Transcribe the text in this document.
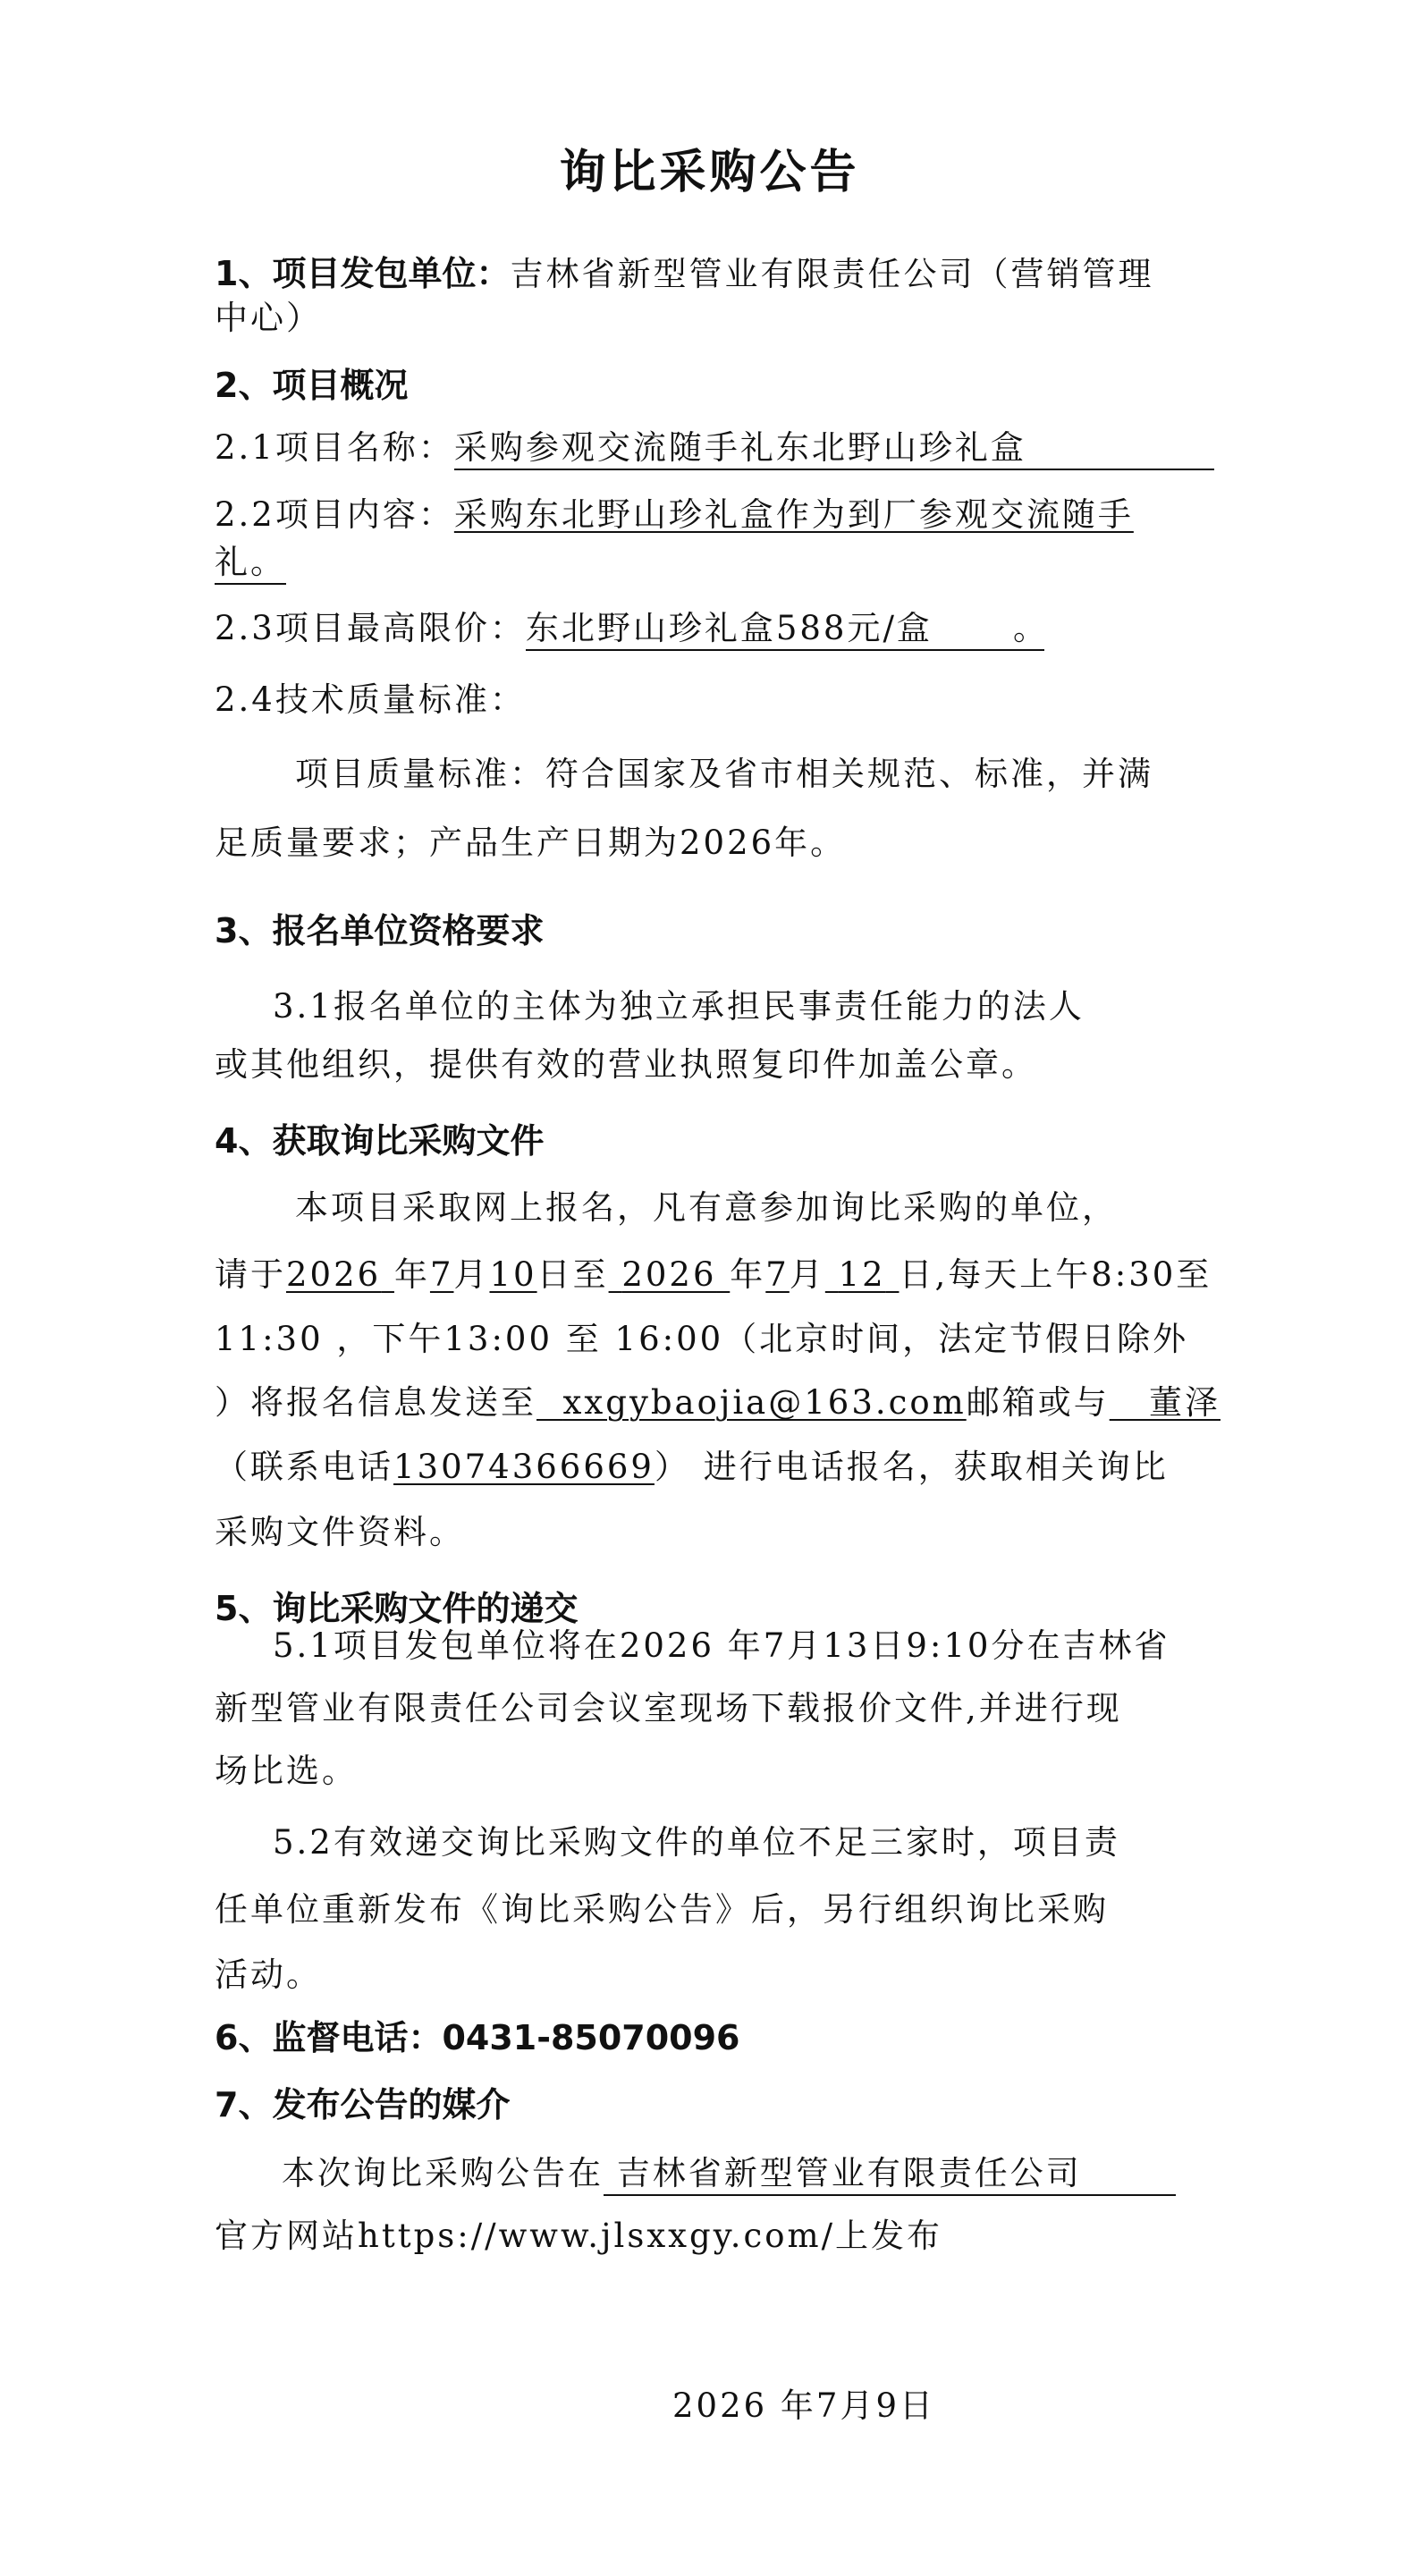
询比采购公告
1、项目发包单位：吉林省新型管业有限责任公司（营销管理
中心）
2、项目概况
2.1项目名称：采购参观交流随手礼东北野山珍礼盒
2.2项目内容：采购东北野山珍礼盒作为到厂参观交流随手
礼。
2.3项目最高限价：东北野山珍礼盒588元/盒 。
2.4技术质量标准：
项目质量标准：符合国家及省市相关规范、标准，并满
足质量要求；产品生产日期为2026年。
3、报名单位资格要求
3.1报名单位的主体为独立承担民事责任能力的法人
或其他组织，提供有效的营业执照复印件加盖公章。
4、获取询比采购文件
本项目采取网上报名，凡有意参加询比采购的单位，
请于2026 年7月10日至 2026 年7月 12 日,每天上午8:30至
11:30 ，下午13:00 至 16:00（北京时间，法定节假日除外
）将报名信息发送至 xxgybaojia@163.com邮箱或与 董泽
（联系电话13074366669） 进行电话报名，获取相关询比
采购文件资料。
5、询比采购文件的递交
5.1项目发包单位将在2026 年7月13日9:10分在吉林省
新型管业有限责任公司会议室现场下载报价文件,并进行现
场比选。
5.2有效递交询比采购文件的单位不足三家时，项目责
任单位重新发布《询比采购公告》后，另行组织询比采购
活动。
6、监督电话：0431-85070096
7、发布公告的媒介
本次询比采购公告在 吉林省新型管业有限责任公司
官方网站https://www.jlsxxgy.com/上发布
2026 年7月9日
